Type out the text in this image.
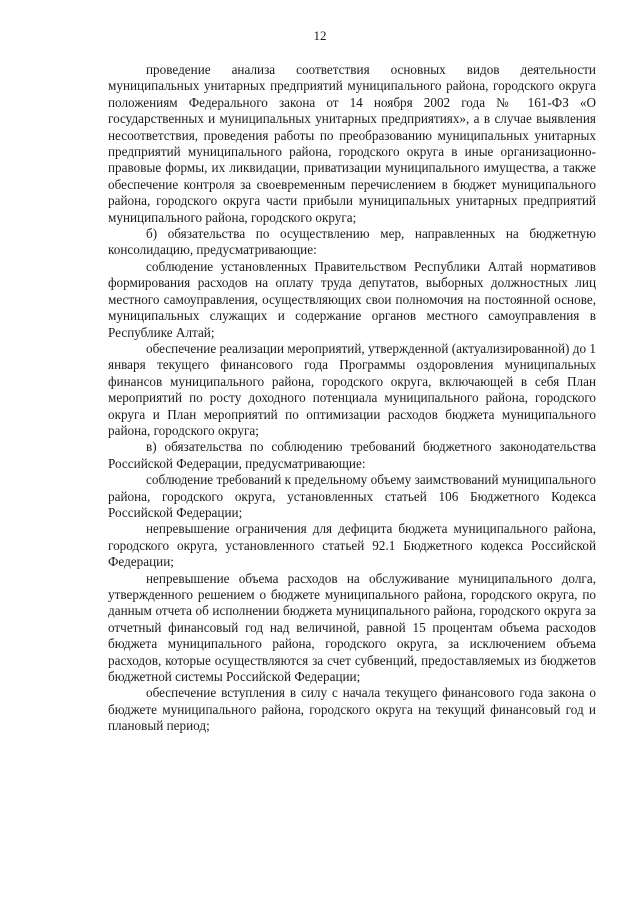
12

проведение анализа соответствия основных видов деятельности муниципальных унитарных предприятий муниципального района, городского округа положениям Федерального закона от 14 ноября 2002 года № 161-ФЗ «О государственных и муниципальных унитарных предприятиях», а в случае выявления несоответствия, проведения работы по преобразованию муниципальных унитарных предприятий муниципального района, городского округа в иные организационно-правовые формы, их ликвидации, приватизации муниципального имущества, а также обеспечение контроля за своевременным перечислением в бюджет муниципального района, городского округа части прибыли муниципальных унитарных предприятий муниципального района, городского округа;

б) обязательства по осуществлению мер, направленных на бюджетную консолидацию, предусматривающие:

соблюдение установленных Правительством Республики Алтай нормативов формирования расходов на оплату труда депутатов, выборных должностных лиц местного самоуправления, осуществляющих свои полномочия на постоянной основе, муниципальных служащих и содержание органов местного самоуправления в Республике Алтай;

обеспечение реализации мероприятий, утвержденной (актуализированной) до 1 января текущего финансового года Программы оздоровления муниципальных финансов муниципального района, городского округа, включающей в себя План мероприятий по росту доходного потенциала муниципального района, городского округа и План мероприятий по оптимизации расходов бюджета муниципального района, городского округа;

в) обязательства по соблюдению требований бюджетного законодательства Российской Федерации, предусматривающие:

соблюдение требований к предельному объему заимствований муниципального района, городского округа, установленных статьей 106 Бюджетного Кодекса Российской Федерации;

непревышение ограничения для дефицита бюджета муниципального района, городского округа, установленного статьей 92.1 Бюджетного кодекса Российской Федерации;

непревышение объема расходов на обслуживание муниципального долга, утвержденного решением о бюджете муниципального района, городского округа, по данным отчета об исполнении бюджета муниципального района, городского округа за отчетный финансовый год над величиной, равной 15 процентам объема расходов бюджета муниципального района, городского округа, за исключением объема расходов, которые осуществляются за счет субвенций, предоставляемых из бюджетов бюджетной системы Российской Федерации;

обеспечение вступления в силу с начала текущего финансового года закона о бюджете муниципального района, городского округа на текущий финансовый год и плановый период;
